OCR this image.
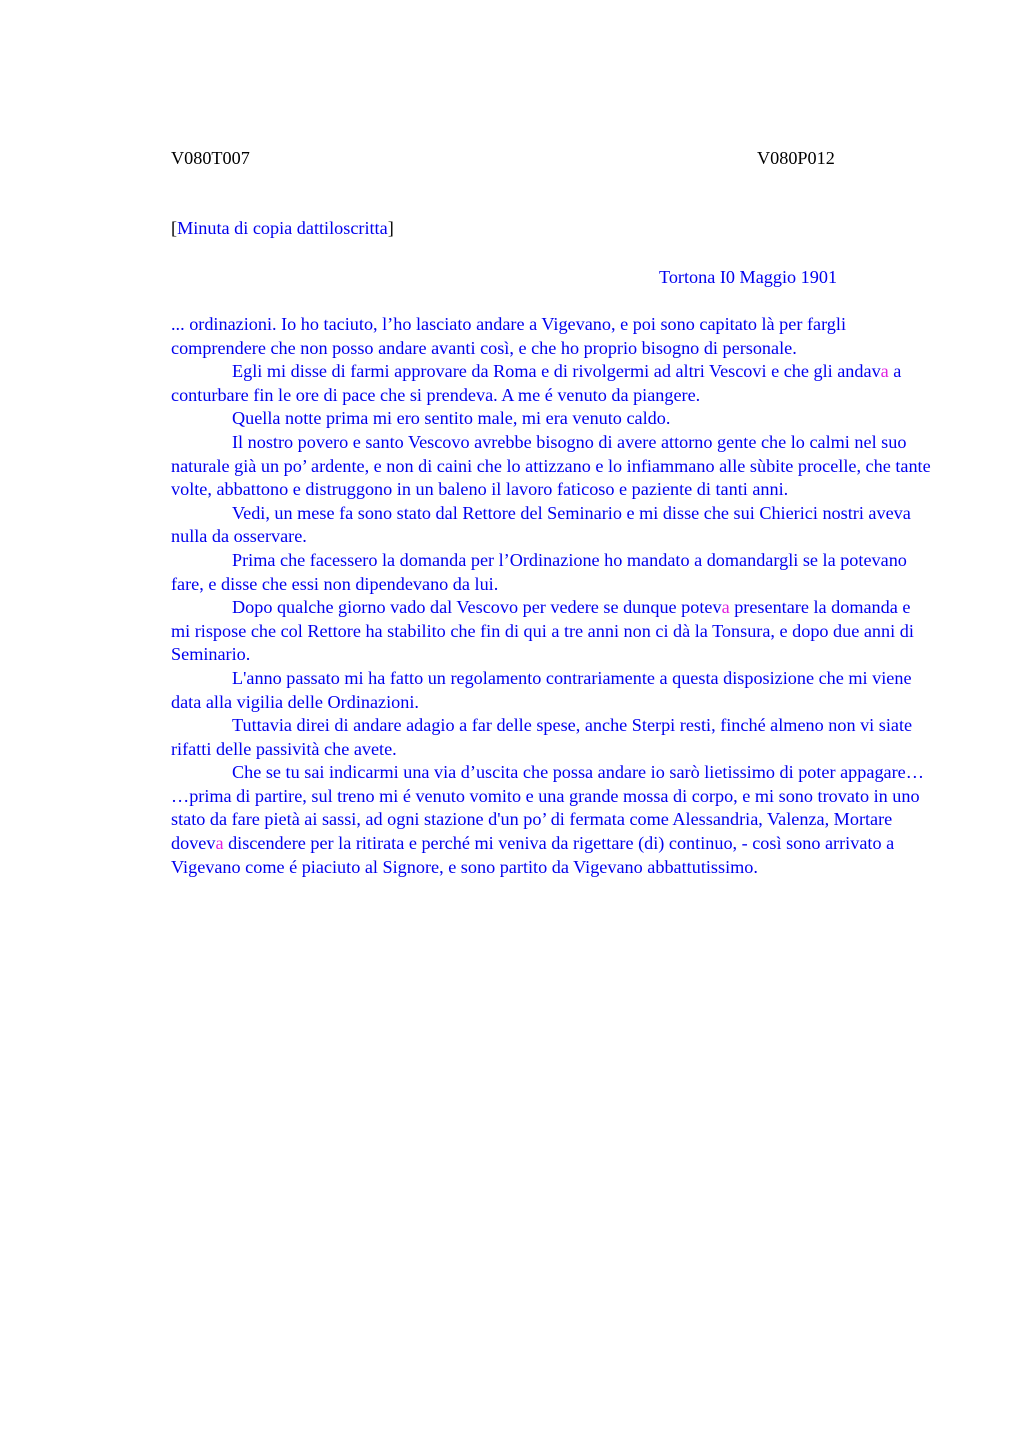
V080T007	V080P012
[Minuta di copia dattiloscritta]
Tortona I0 Maggio 1901

... ordinazioni. Io ho taciuto, l’ho lasciato andare a Vigevano, e poi sono capitato là per fargli comprendere che non posso andare avanti così, e che ho proprio bisogno di personale.

Egli mi disse di farmi approvare da Roma e di rivolgermi ad altri Vescovi e che gli andava a conturbare fin le ore di pace che si prendeva. A me é venuto da piangere.

Quella notte prima mi ero sentito male, mi era venuto caldo.

Il nostro povero e santo Vescovo avrebbe bisogno di avere attorno gente che lo calmi nel suo naturale già un po’ ardente, e non di caini che lo attizzano e lo infiammano alle sùbite procelle, che tante volte, abbattono e distruggono in un baleno il lavoro faticoso e paziente di tanti anni.

Vedi, un mese fa sono stato dal Rettore del Seminario e mi disse che sui Chierici nostri aveva nulla da osservare.

Prima che facessero la domanda per l’Ordinazione ho mandato a domandargli se la potevano fare, e disse che essi non dipendevano da lui.

Dopo qualche giorno vado dal Vescovo per vedere se dunque poteva presentare la domanda e mi rispose che col Rettore ha stabilito che fin di qui a tre anni non ci dà la Tonsura, e dopo due anni di Seminario.

L'anno passato mi ha fatto un regolamento contrariamente a questa disposizione che mi viene data alla vigilia delle Ordinazioni.

Tuttavia direi di andare adagio a far delle spese, anche Sterpi resti, finché almeno non vi siate rifatti delle passività che avete.

Che se tu sai indicarmi una via d’uscita che possa andare io sarò lietissimo di poter appagare…

…prima di partire, sul treno mi é venuto vomito e una grande mossa di corpo, e mi sono trovato in uno stato da fare pietà ai sassi, ad ogni stazione d'un po’ di fermata come Alessandria, Valenza, Mortare doveva discendere per la ritirata e perché mi veniva da rigettare (di) continuo, - così sono arrivato a Vigevano come é piaciuto al Signore, e sono partito da Vigevano abbattutissimo.
